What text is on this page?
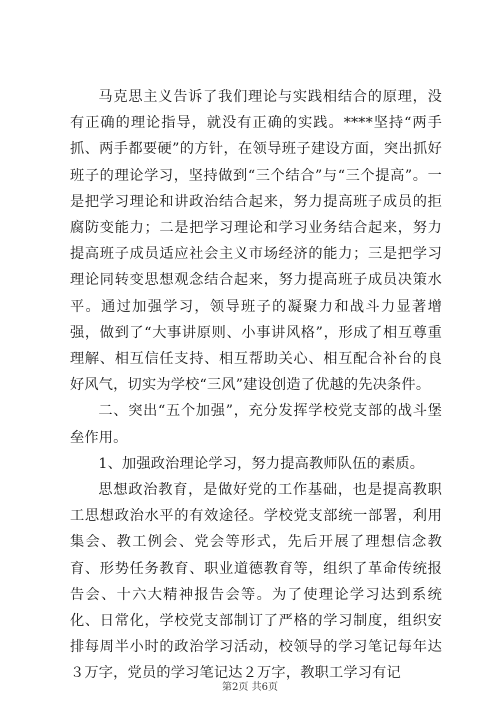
马克思主义告诉了我们理论与实践相结合的原理，没有正确的理论指导，就没有正确的实践。****坚持“两手抓、两手都要硬”的方针，在领导班子建设方面，突出抓好班子的理论学习，坚持做到“三个结合”与“三个提高”。一是把学习理论和讲政治结合起来，努力提高班子成员的拒腐防变能力；二是把学习理论和学习业务结合起来，努力提高班子成员适应社会主义市场经济的能力；三是把学习理论同转变思想观念结合起来，努力提高班子成员决策水平。通过加强学习，领导班子的凝聚力和战斗力显著增强，做到了“大事讲原则、小事讲风格”，形成了相互尊重理解、相互信任支持、相互帮助关心、相互配合补台的良好风气，切实为学校“三风”建设创造了优越的先决条件。

二、突出“五个加强”，充分发挥学校党支部的战斗堡垒作用。

1、加强政治理论学习，努力提高教师队伍的素质。

思想政治教育，是做好党的工作基础，也是提高教职工思想政治水平的有效途径。学校党支部统一部署，利用集会、教工例会、党会等形式，先后开展了理想信念教育、形势任务教育、职业道德教育等，组织了革命传统报告会、十六大精神报告会等。为了使理论学习达到系统化、日常化，学校党支部制订了严格的学习制度，组织安排每周半小时的政治学习活动，校领导的学习笔记每年达３万字，党员的学习笔记达２万字，教职工学习有记

第2页 共6页
